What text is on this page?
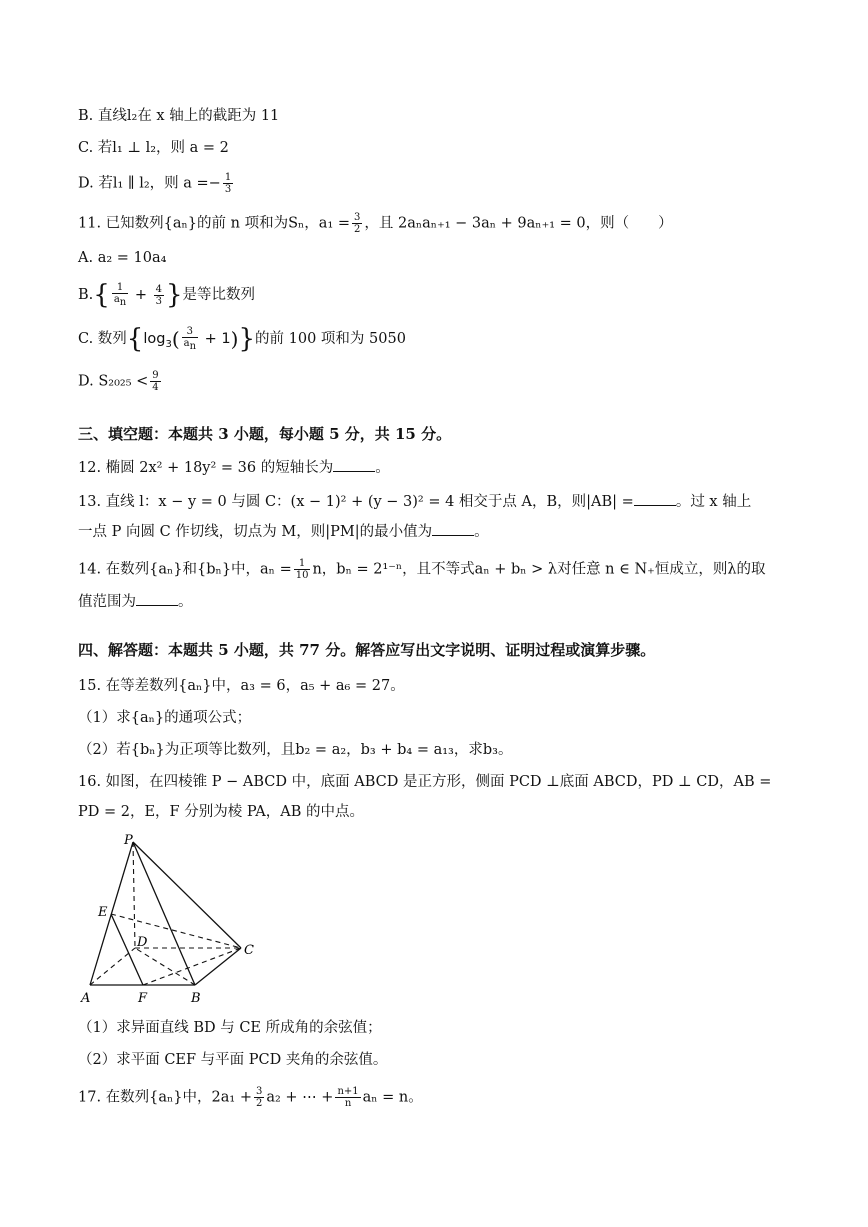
B. 直线l₂在 x 轴上的截距为 11
C. 若l₁ ⊥ l₂，则 a = 2
D. 若l₁ ∥ l₂，则 $a =- \frac{1}{3}$
11. 已知数列{aₙ}的前 n 项和为Sₙ，$a_1 = \frac{3}{2}$ ，且 2aₙaₙ₊₁ − 3aₙ + 9aₙ₊₁ = 0，则（　　）
A. a₂ = 10a₄
$B.\{ \frac{1}{a_n} + \frac{4}{3}$ }是等比数列
C. 数列$\{\log_3( \frac{3}{a_n} + 1)\}$的前 100 项和为 5050
D. $S_{2025} < \frac{9}{4}$
三、填空题：本题共 3 小题，每小题 5 分，共 15 分。
12. 椭圆 2x² + 18y² = 36 的短轴长为	。
13. 直线 l：x − y = 0 与圆 C：(x − 1)² + (y − 3)² = 4 相交于点 A，B，则|AB| =	。过 x 轴上
一点 P 向圆 C 作切线，切点为 M，则|PM|的最小值为	。
14. 在数列{aₙ}和{bₙ}中，$a_n = \frac{1}{10}$ n，bₙ = 2¹⁻ⁿ，且不等式aₙ + bₙ > λ对任意 n ∈ N₊恒成立，则λ的取
值范围为	。
四、解答题：本题共 5 小题，共 77 分。解答应写出文字说明、证明过程或演算步骤。
15. 在等差数列{aₙ}中，a₃ = 6，a₅ + a₆ = 27。
（1）求{aₙ}的通项公式；
（2）若{bₙ}为正项等比数列，且b₂ = a₂，b₃ + b₄ = a₁₃，求b₃。
16. 如图，在四棱锥 P − ABCD 中，底面 ABCD 是正方形，侧面 PCD ⊥底面 ABCD，PD ⊥ CD，AB =
PD = 2，E，F 分别为棱 PA，AB 的中点。
P
E
D
C
A	F	B
（1）求异面直线 BD 与 CE 所成角的余弦值；
（2）求平面 CEF 与平面 PCD 夹角的余弦值。
17. 在数列{aₙ}中，$2a_1 + \frac{3}{2} a_2$ + ⋯ + $\frac{n+1}{n}$ aₙ = n。
